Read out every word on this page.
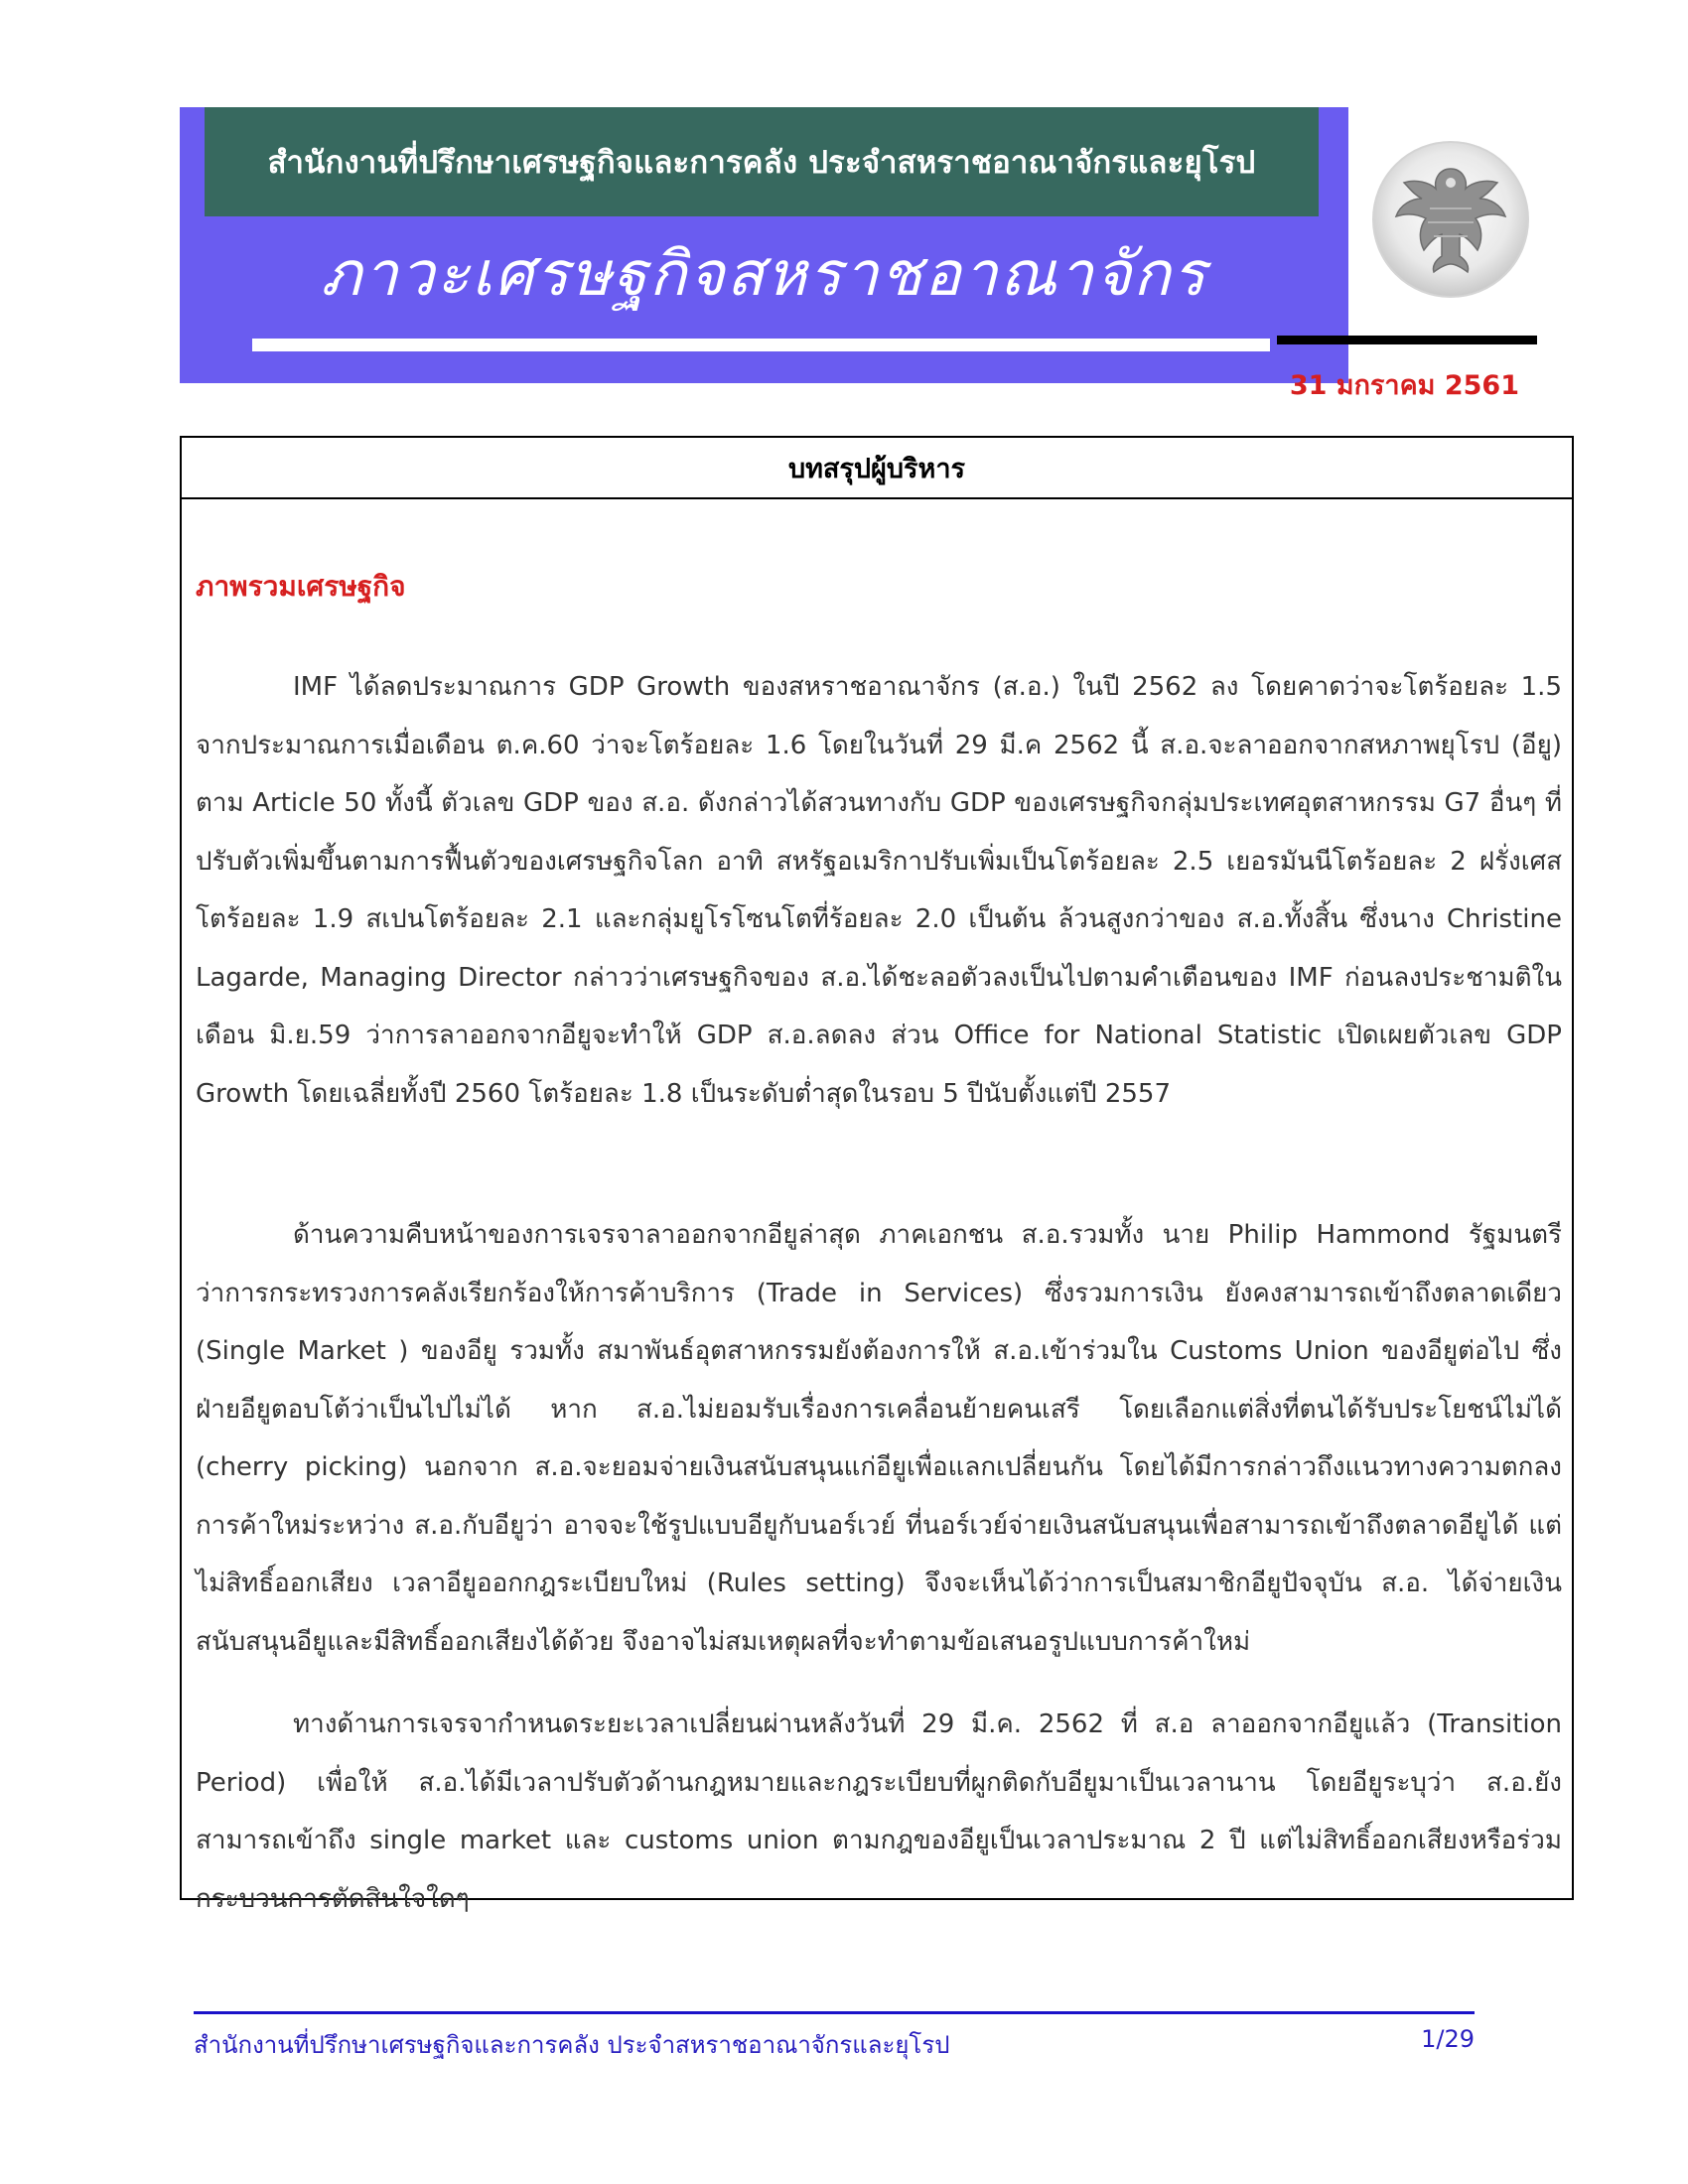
สำนักงานที่ปรึกษาเศรษฐกิจและการคลัง ประจำสหราชอาณาจักรและยุโรป
ภาวะเศรษฐกิจสหราชอาณาจักร
31 มกราคม 2561
บทสรุปผู้บริหาร
ภาพรวมเศรษฐกิจ

IMF ได้ลดประมาณการ GDP Growth ของสหราชอาณาจักร (ส.อ.) ในปี 2562 ลง โดยคาดว่าจะโตร้อยละ 1.5 จากประมาณการเมื่อเดือน ต.ค.60 ว่าจะโตร้อยละ 1.6 โดยในวันที่ 29 มี.ค 2562 นี้ ส.อ.จะลาออกจากสหภาพยุโรป (อียู) ตาม Article 50 ทั้งนี้ ตัวเลข GDP ของ ส.อ. ดังกล่าวได้สวนทางกับ GDP ของเศรษฐกิจกลุ่มประเทศอุตสาหกรรม G7 อื่นๆ ที่ปรับตัวเพิ่มขึ้นตามการฟื้นตัวของเศรษฐกิจโลก อาทิ สหรัฐอเมริกาปรับเพิ่มเป็นโตร้อยละ 2.5 เยอรมันนีโตร้อยละ 2 ฝรั่งเศสโตร้อยละ 1.9 สเปนโตร้อยละ 2.1 และกลุ่มยูโรโซนโตที่ร้อยละ 2.0 เป็นต้น ล้วนสูงกว่าของ ส.อ.ทั้งสิ้น ซึ่งนาง Christine Lagarde, Managing Director กล่าวว่าเศรษฐกิจของ ส.อ.ได้ชะลอตัวลงเป็นไปตามคำเตือนของ IMF ก่อนลงประชามติในเดือน มิ.ย.59 ว่าการลาออกจากอียูจะทำให้ GDP ส.อ.ลดลง ส่วน Office for National Statistic เปิดเผยตัวเลข GDP Growth โดยเฉลี่ยทั้งปี 2560 โตร้อยละ 1.8 เป็นระดับต่ำสุดในรอบ 5 ปีนับตั้งแต่ปี 2557

ด้านความคืบหน้าของการเจรจาลาออกจากอียูล่าสุด ภาคเอกชน ส.อ.รวมทั้ง นาย Philip Hammond รัฐมนตรีว่าการกระทรวงการคลังเรียกร้องให้การค้าบริการ (Trade in Services) ซึ่งรวมการเงิน ยังคงสามารถเข้าถึงตลาดเดียว (Single Market ) ของอียู รวมทั้ง สมาพันธ์อุตสาหกรรมยังต้องการให้ ส.อ.เข้าร่วมใน Customs Union ของอียูต่อไป ซึ่งฝ่ายอียูตอบโต้ว่าเป็นไปไม่ได้ หาก ส.อ.ไม่ยอมรับเรื่องการเคลื่อนย้ายคนเสรี โดยเลือกแต่สิ่งที่ตนได้รับประโยชน์ไม่ได้ (cherry picking) นอกจาก ส.อ.จะยอมจ่ายเงินสนับสนุนแก่อียูเพื่อแลกเปลี่ยนกัน โดยได้มีการกล่าวถึงแนวทางความตกลงการค้าใหม่ระหว่าง ส.อ.กับอียูว่า อาจจะใช้รูปแบบอียูกับนอร์เวย์ ที่นอร์เวย์จ่ายเงินสนับสนุนเพื่อสามารถเข้าถึงตลาดอียูได้ แต่ไม่สิทธิ์ออกเสียง เวลาอียูออกกฎระเบียบใหม่ (Rules setting) จึงจะเห็นได้ว่าการเป็นสมาชิกอียูปัจจุบัน ส.อ. ได้จ่ายเงินสนับสนุนอียูและมีสิทธิ์ออกเสียงได้ด้วย จึงอาจไม่สมเหตุผลที่จะทำตามข้อเสนอรูปแบบการค้าใหม่

ทางด้านการเจรจากำหนดระยะเวลาเปลี่ยนผ่านหลังวันที่ 29 มี.ค. 2562 ที่ ส.อ ลาออกจากอียูแล้ว (Transition Period) เพื่อให้ ส.อ.ได้มีเวลาปรับตัวด้านกฎหมายและกฎระเบียบที่ผูกติดกับอียูมาเป็นเวลานาน โดยอียูระบุว่า ส.อ.ยังสามารถเข้าถึง single market และ customs union ตามกฎของอียูเป็นเวลาประมาณ 2 ปี แต่ไม่สิทธิ์ออกเสียงหรือร่วมกระบวนการตัดสินใจใดๆ

สำนักงานที่ปรึกษาเศรษฐกิจและการคลัง ประจำสหราชอาณาจักรและยุโรป	1/29
